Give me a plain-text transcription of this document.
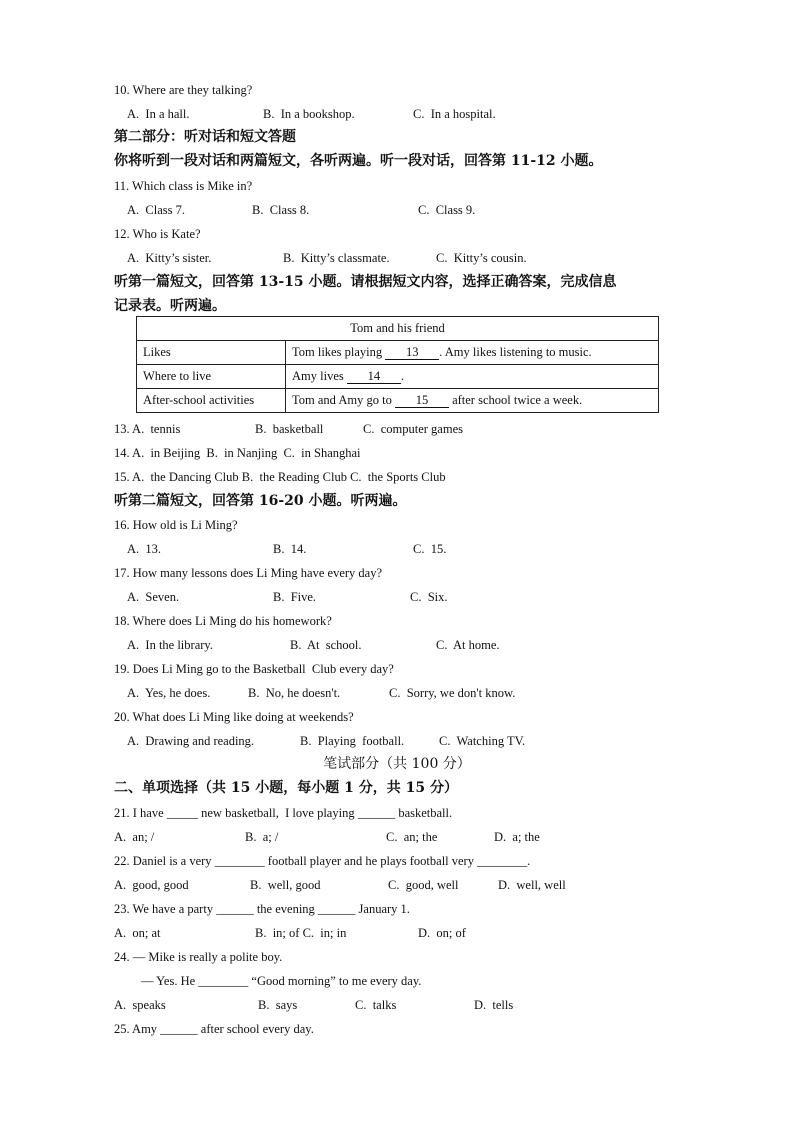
10. Where are they talking?
A.  In a hall.	B.  In a bookshop.	C.  In a hospital.
第二部分：听对话和短文答题
你将听到一段对话和两篇短文，各听两遍。听一段对话，回答第 11-12 小题。
11. Which class is Mike in?
A.  Class 7.	B.  Class 8.	C.  Class 9.
12. Who is Kate?
A.  Kitty’s sister.	B.  Kitty’s classmate.	C.  Kitty’s cousin.
听第一篇短文，回答第 13-15 小题。请根据短文内容，选择正确答案，完成信息
记录表。听两遍。
Tom and his friend	
Likes	Tom likes playing 13 . Amy likes listening to music.
Where to live	Amy lives 14 .
After-school activities	Tom and Amy go to 15 after school twice a week.
13. A.  tennis	B.  basketball	C.  computer games
14. A.  in Beijing  B.  in Nanjing  C.  in Shanghai
15. A.  the Dancing Club B.  the Reading Club C.  the Sports Club
听第二篇短文，回答第 16-20 小题。听两遍。
16. How old is Li Ming?
A.  13.	B.  14.	C.  15.
17. How many lessons does Li Ming have every day?
A.  Seven.	B.  Five.	C.  Six.
18. Where does Li Ming do his homework?
A.  In the library.	B.  At  school.	C.  At home.
19. Does Li Ming go to the Basketball  Club every day?
A.  Yes, he does.	B.  No, he doesn't.	C.  Sorry, we don't know.
20. What does Li Ming like doing at weekends?
A.  Drawing and reading.	B.  Playing  football.	C.  Watching TV.
笔试部分（共 100 分）
二、单项选择（共 15 小题，每小题 1 分，共 15 分）
21. I have _____ new basketball,  I love playing ______ basketball.
A.  an; /	B.  a; /	C.  an; the	D.  a; the
22. Daniel is a very ________ football player and he plays football very ________.
A.  good, good	B.  well, good	C.  good, well	D.  well, well
23. We have a party ______ the evening ______ January 1.
A.  on; at	B.  in; of C.  in; in	D.  on; of
24. — Mike is really a polite boy.
— Yes. He ________ “Good morning” to me every day.
A.  speaks	B.  says	C.  talks	D.  tells
25. Amy ______ after school every day.
